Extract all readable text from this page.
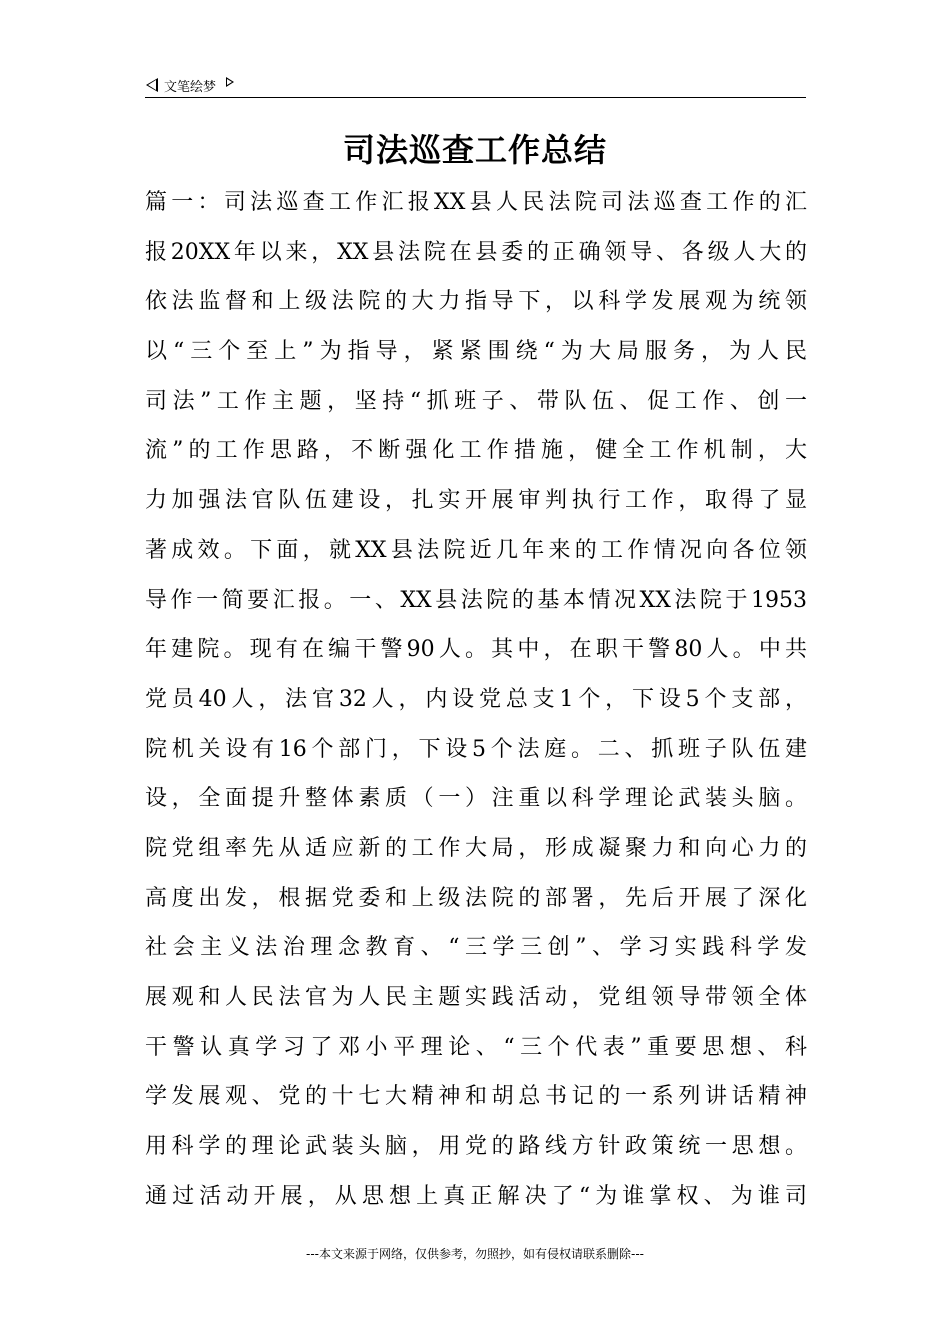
文笔绘梦
司法巡查工作总结
篇一：司法巡查工作汇报XX县人民法院司法巡查工作的汇
报20XX年以来，XX县法院在县委的正确领导、各级人大的
依法监督和上级法院的大力指导下，以科学发展观为统领
以“三个至上”为指导，紧紧围绕“为大局服务，为人民
司法”工作主题，坚持“抓班子、带队伍、促工作、创一
流”的工作思路，不断强化工作措施，健全工作机制，大
力加强法官队伍建设，扎实开展审判执行工作，取得了显
著成效。下面，就XX县法院近几年来的工作情况向各位领
导作一简要汇报。一、XX县法院的基本情况XX法院于1953
年建院。现有在编干警90人。其中，在职干警80人。中共
党员40人，法官32人，内设党总支1个，下设5个支部，
院机关设有16个部门，下设5个法庭。二、抓班子队伍建
设，全面提升整体素质（一）注重以科学理论武装头脑。
院党组率先从适应新的工作大局，形成凝聚力和向心力的
高度出发，根据党委和上级法院的部署，先后开展了深化
社会主义法治理念教育、“三学三创”、学习实践科学发
展观和人民法官为人民主题实践活动，党组领导带领全体
干警认真学习了邓小平理论、“三个代表”重要思想、科
学发展观、党的十七大精神和胡总书记的一系列讲话精神
用科学的理论武装头脑，用党的路线方针政策统一思想。
通过活动开展，从思想上真正解决了“为谁掌权、为谁司
---本文来源于网络，仅供参考，勿照抄，如有侵权请联系删除---
